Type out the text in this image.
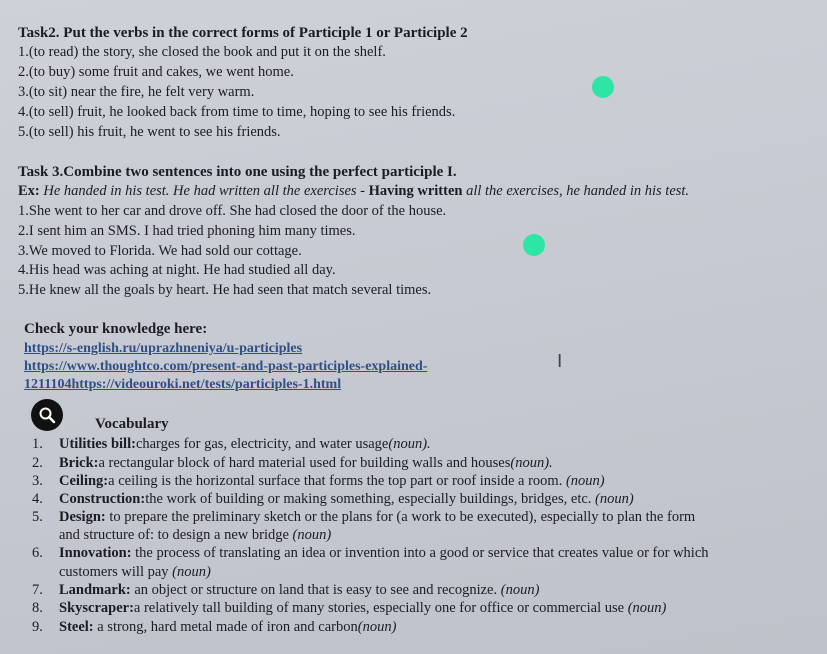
Task2. Put the verbs in the correct forms of Participle 1 or Participle 2
1.(to read) the story, she closed the book and put it on the shelf.
2.(to buy) some fruit and cakes, we went home.
3.(to sit) near the fire, he felt very warm.
4.(to sell) fruit, he looked back from time to time, hoping to see his friends.
5.(to sell) his fruit, he went to see his friends.
Task 3.Combine two sentences into one using the perfect participle I.
Ex: He handed in his test. He had written all the exercises - Having written all the exercises, he handed in his test.
1.She went to her car and drove off. She had closed the door of the house.
2.I sent him an SMS. I had tried phoning him many times.
3.We moved to Florida. We had sold our cottage.
4.His head was aching at night. He had studied all day.
5.He knew all the goals by heart. He had seen that match several times.
Check your knowledge here:
https://s-english.ru/uprazhneniya/u-participles
https://www.thoughtco.com/present-and-past-participles-explained-
1211104https://videouroki.net/tests/participles-1.html
I
Vocabulary
1. Utilities bill:charges for gas, electricity, and water usage(noun).
2. Brick:a rectangular block of hard material used for building walls and houses(noun).
3. Ceiling:a ceiling is the horizontal surface that forms the top part or roof inside a room. (noun)
4. Construction:the work of building or making something, especially buildings, bridges, etc. (noun)
5. Design: to prepare the preliminary sketch or the plans for (a work to be executed), especially to plan the form
and structure of: to design a new bridge (noun)
6. Innovation: the process of translating an idea or invention into a good or service that creates value or for which
customers will pay (noun)
7. Landmark: an object or structure on land that is easy to see and recognize. (noun)
8. Skyscraper:a relatively tall building of many stories, especially one for office or commercial use (noun)
9. Steel: a strong, hard metal made of iron and carbon(noun)
